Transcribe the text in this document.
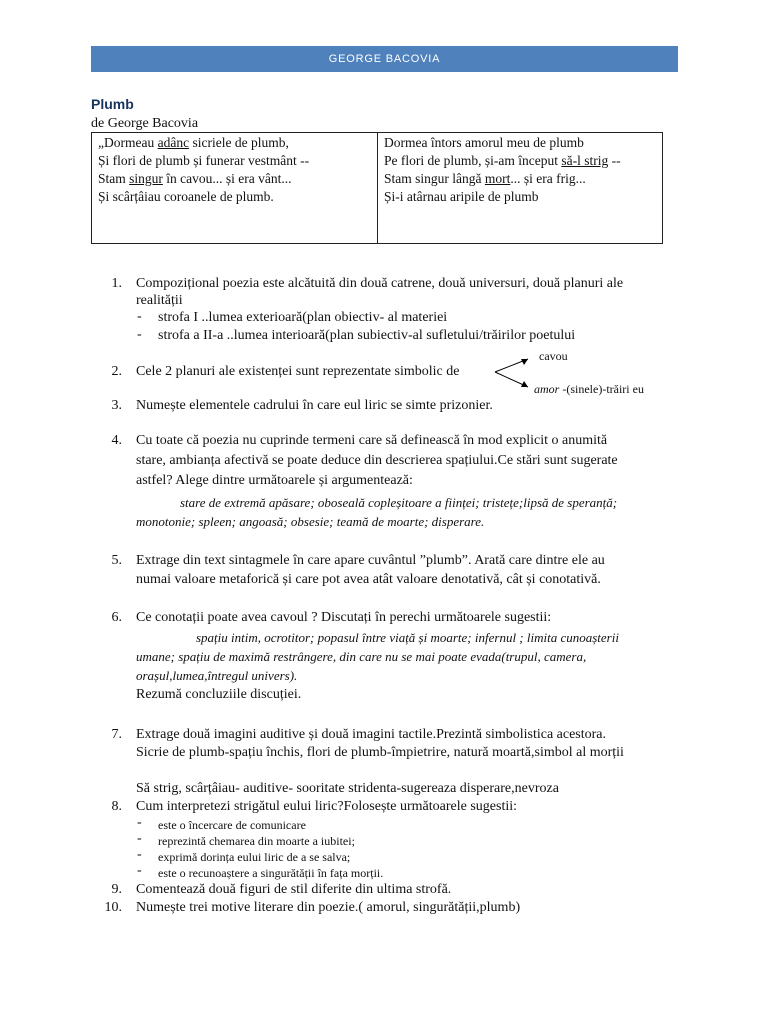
GEORGE BACOVIA
Plumb
de George Bacovia
„Dormeau adânc sicriele de plumb,
Și flori de plumb și funerar vestmânt --
Stam singur în cavou... și era vânt...
Și scârțâiau coroanele de plumb.
Dormea întors amorul meu de plumb
Pe flori de plumb, și-am început să-l strig --
Stam singur lângă mort... și era frig...
Și-i atârnau aripile de plumb
1. Compozițional poezia este alcătuită din două catrene, două universuri, două planuri ale
realității
- strofa I ..lumea exterioară(plan obiectiv- al materiei
- strofa a II-a ..lumea interioară(plan subiectiv-al sufletului/trăirilor poetului
cavou
2. Cele 2 planuri ale existenței sunt reprezentate simbolic de
amor -(sinele)-trăiri eu
3. Numește elementele cadrului în care eul liric se simte prizonier.
4. Cu toate că poezia nu cuprinde termeni care să definească în mod explicit o anumită
stare, ambianța afectivă se poate deduce din descrierea spațiului.Ce stări sunt sugerate
astfel? Alege dintre următoarele și argumentează:
stare de extremă apăsare; oboseală copleșitoare a ființei; tristețe;lipsă de speranță;
monotonie; spleen; angoasă; obsesie; teamă de moarte; disperare.
5. Extrage din text sintagmele în care apare cuvântul ”plumb”. Arată care dintre ele au
numai valoare metaforică și care pot avea atât valoare denotativă, cât și conotativă.
6. Ce conotații poate avea cavoul ? Discutați în perechi următoarele sugestii:
spațiu intim, ocrotitor; popasul între viață și moarte; infernul ; limita cunoașterii
umane; spațiu de maximă restrângere, din care nu se mai poate evada(trupul, camera,
orașul,lumea,întregul univers).
Rezumă concluziile discuției.
7. Extrage două imagini auditive și două imagini tactile.Prezintă simbolistica acestora.
Sicrie de plumb-spațiu închis, flori de plumb-împietrire, natură moartă,simbol al morții
Să strig, scârțâiau- auditive- sooritate stridenta-sugereaza disperare,nevroza
8. Cum interpretezi strigătul eului liric?Folosește următoarele sugestii:
- este o încercare de comunicare
- reprezintă chemarea din moarte a iubitei;
- exprimă dorința eului liric de a se salva;
- este o recunoaștere a singurătății în fața morții.
9. Comentează două figuri de stil diferite din ultima strofă.
10. Numește trei motive literare din poezie.( amorul, singurătății,plumb)
